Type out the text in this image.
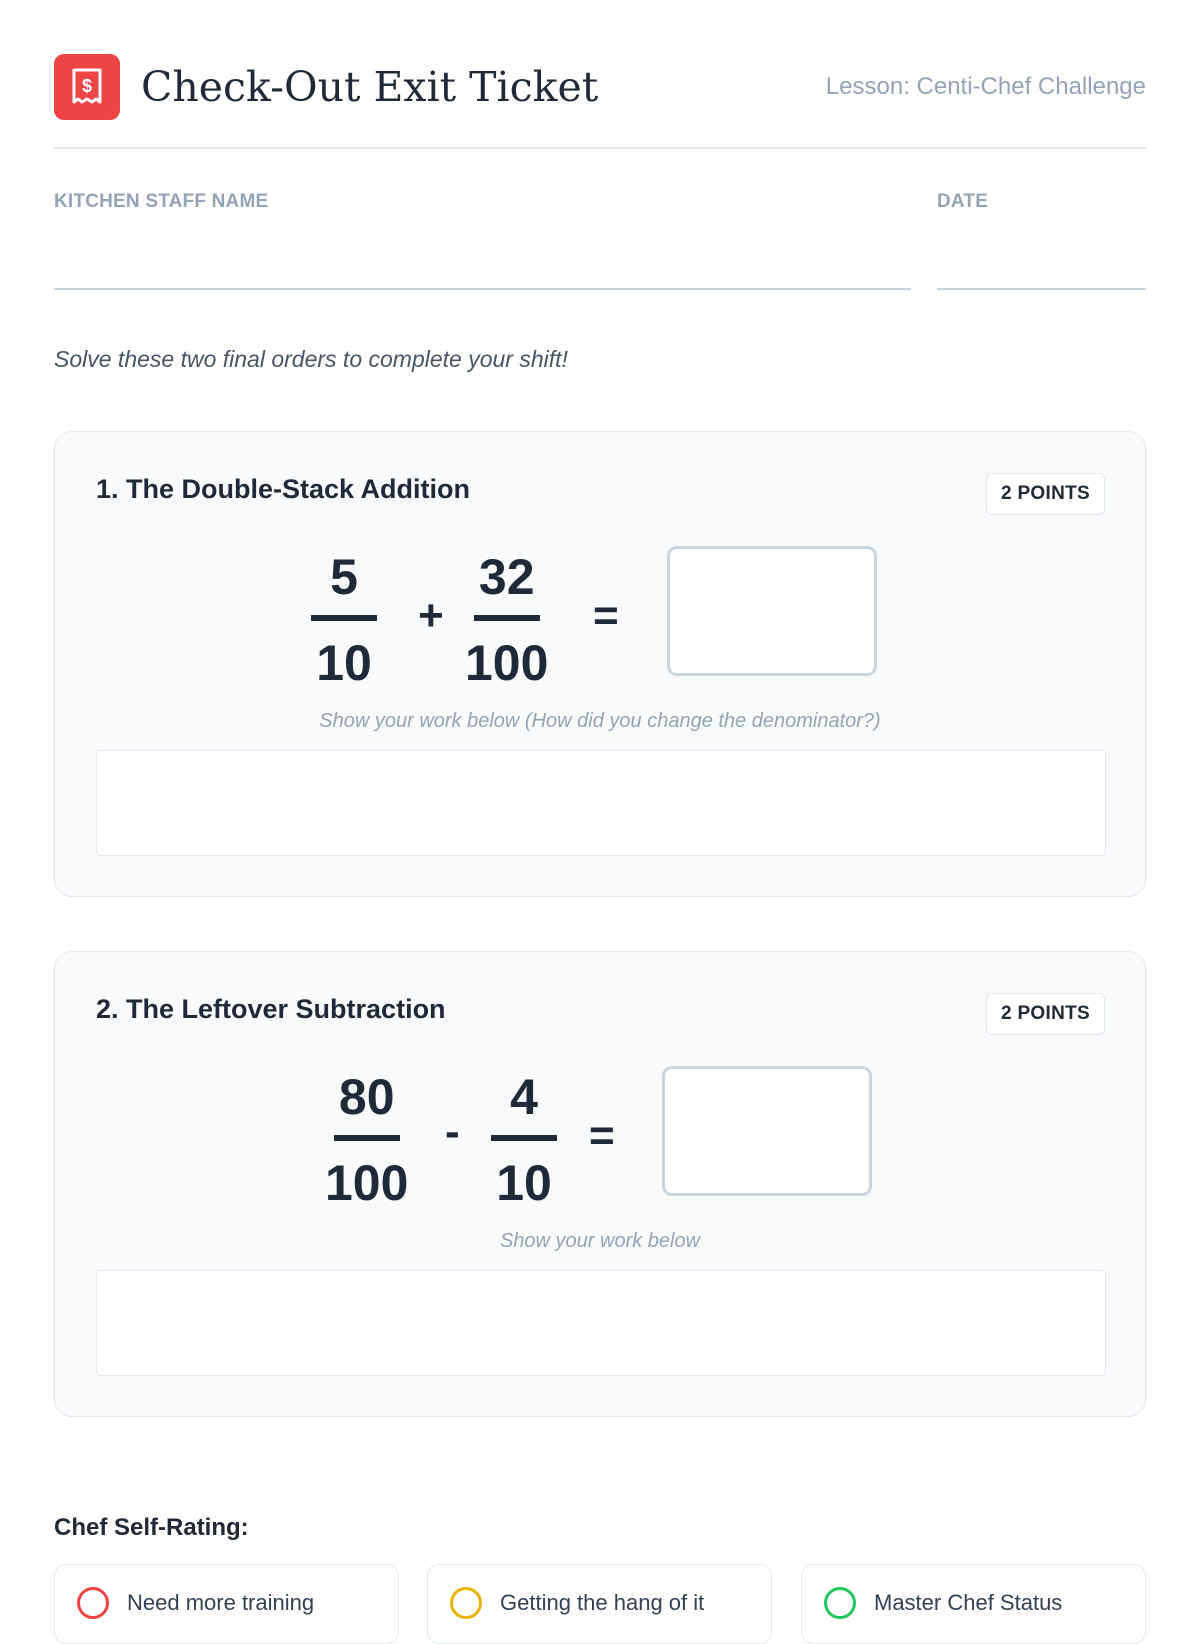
$ Check-Out Exit Ticket	Lesson: Centi-Chef Challenge
KITCHEN STAFF NAME	DATE
Solve these two final orders to complete your shift!
1. The Double-Stack Addition	2 POINTS
5
10
+
32
100
=
Show your work below (How did you change the denominator?)
2. The Leftover Subtraction	2 POINTS
80
100
-
4
10
=
Show your work below
Chef Self-Rating:
Need more training	Getting the hang of it	Master Chef Status
